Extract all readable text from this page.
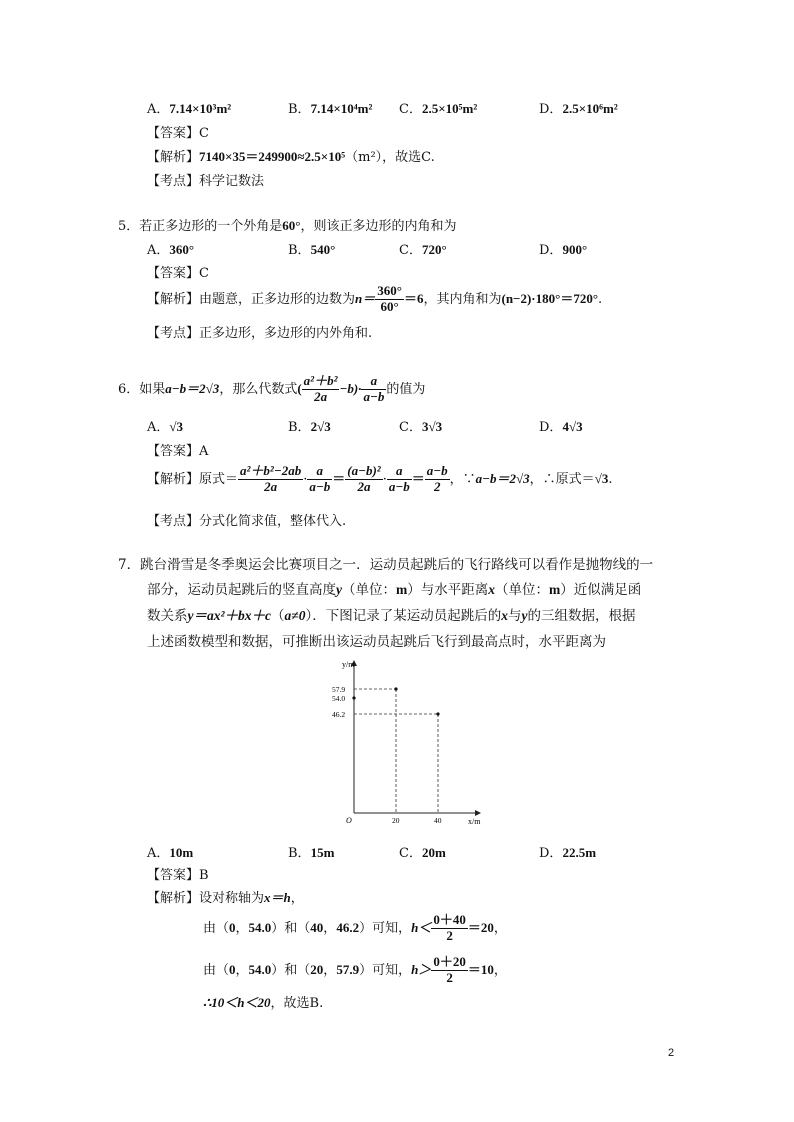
A．7.14×10³m²	B．7.14×10⁴m² C．2.5×10⁵m²	D．2.5×10⁶m²
【答案】C
【解析】7140×35＝249900≈2.5×10⁵（m²），故选C.
【考点】科学记数法
5．若正多边形的一个外角是60°，则该正多边形的内角和为
A．360°	B．540°	C．720°	D．900°
【答案】C
【解析】由题意，正多边形的边数为$n= \frac{360^\circ}{60^\circ} =6$，其内角和为(n−2)·180°＝720°.
【考点】正多边形，多边形的内外角和.
6．如果a−b＝2√3，那么代数式( $\frac{\text{a²＋b²}}{2a} -b)\cdot \frac{a}{a-b}$ 的值为
A．√3	B．2√3	C．3√3	D．4√3
【答案】A
【解析】原式＝ $\frac{\text{a²＋b²−2ab}}{2a} \cdot \frac{a}{a-b} = \frac{\text{(a−b)²}}{2a} \cdot \frac{a}{a-b} = \frac{a-b}{2}$ ，∵a−b＝2√3，∴原式＝√3.
【考点】分式化简求值，整体代入.
7．跳台滑雪是冬季奥运会比赛项目之一．运动员起跳后的飞行路线可以看作是抛物线的一
部分，运动员起跳后的竖直高度y（单位：m）与水平距离x（单位：m）近似满足函
数关系y＝ax²＋bx＋c（a≠0）．下图记录了某运动员起跳后的x与y的三组数据，根据
上述函数模型和数据，可推断出该运动员起跳后飞行到最高点时，水平距离为
y/m
x/m
O
57.9
54.0
46.2
20	40
A．10m	B．15m	C．20m	D．22.5m
【答案】B
【解析】设对称轴为x＝h，
由（0，54.0）和（40，46.2）可知，$h< \frac{0+40}{2} =20$，
由（0，54.0）和（20，57.9）可知，$h> \frac{0+20}{2} =10$，
∴10＜h＜20，故选B.
2
